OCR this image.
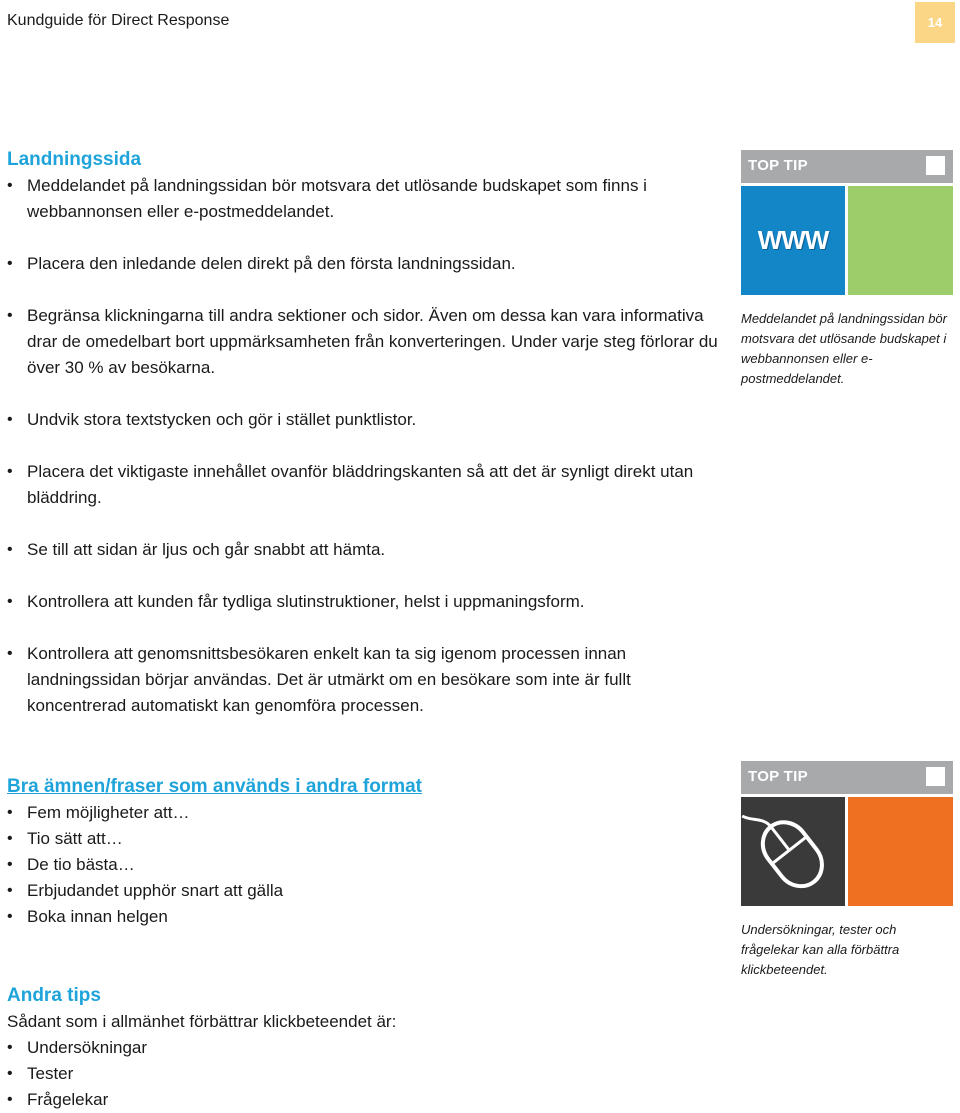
Kundguide för Direct Response	14
Landningssida
• Meddelandet på landningssidan bör motsvara det utlösande budskapet som finns i webbannonsen eller e-postmeddelandet.
• Placera den inledande delen direkt på den första landningssidan.
• Begränsa klickningarna till andra sektioner och sidor. Även om dessa kan vara informativa drar de omedelbart bort uppmärksamheten från konverteringen. Under varje steg förlorar du över 30 % av besökarna.
• Undvik stora textstycken och gör i stället punktlistor.
• Placera det viktigaste innehållet ovanför bläddringskanten så att det är synligt direkt utan bläddring.
• Se till att sidan är ljus och går snabbt att hämta.
• Kontrollera att kunden får tydliga slutinstruktioner, helst i uppmaningsform.
• Kontrollera att genomsnittsbesökaren enkelt kan ta sig igenom processen innan landningssidan börjar användas. Det är utmärkt om en besökare som inte är fullt koncentrerad automatiskt kan genomföra processen.
Bra ämnen/fraser som används i andra format
• Fem möjligheter att…
• Tio sätt att…
• De tio bästa…
• Erbjudandet upphör snart att gälla
• Boka innan helgen
Andra tips

Sådant som i allmänhet förbättrar klickbeteendet är:

• Undersökningar
• Tester
• Frågelekar
TOP TIP
WWW
Meddelandet på landningssidan bör motsvara det utlösande budskapet i webbannonsen eller e-postmeddelandet.
TOP TIP
Undersökningar, tester och frågelekar kan alla förbättra klickbeteendet.
